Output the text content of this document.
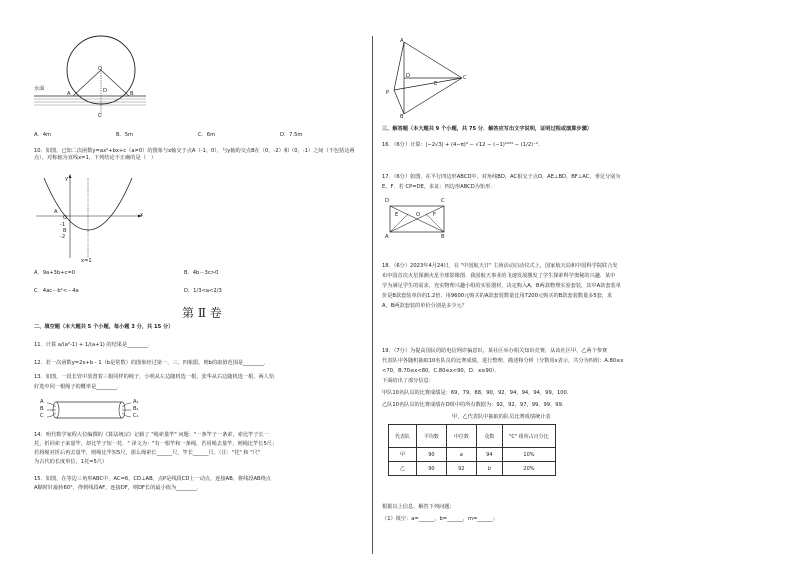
O
D
A	B
C
水面
A．4m	B．5m	C．6m	D．7.5m
10．如图，已知二次函数y=ax²+bx+c（a≠0）的图象与x轴交于点A（-1，0），与y轴的交点B在（0，-2）和（0，-1）之间（不包括这两点），对称轴为直线x=1，下列结论不正确的是（　）
y
x
O
A
B
-1
-2
x=1
A．9a+3b+c=0	B．4b－3c>0
C．4ac－b²<－4a	D．1/3<a<2/3
第 Ⅱ 卷
二、填空题（本大题共 5 个小题，每小题 3 分，共 15 分）
11．计算 a/(a²-1) + 1/(a+1) 的结果是________．
12．若一次函数y=2x+b - 1（b是常数）的图象经过第一、三、四象限，则b的取值范围是________．
13．如图，一段长管中放置着三根同样的绳子，小明从左边随机选一根，张华从右边随机选一根，两人恰
好选中同一根绳子的概率是________．
A
B
C
A₁
B₁
C₁
14．明代数学家程大位编撰的《算法统宗》记载了 "绳索量竿" 问题："一条竿子一条索，索比竿子长一
托，折回索子来量竿，却比竿子短一托．" 译文为："有一根竿和一条绳，若用绳去量竿，则绳比竿长5尺；
若将绳对折后再去量竿，则绳比竿短5尺，那么绳索长______尺，竿长______尺．（注："托" 和 "尺"
为古代的长度单位，1托=5尺）
15．如图，在等边三角形ABC中，AC=6，CD⊥AB，点P是线段CD上一动点，连接AB，将线段AB绕点
A顺时针旋转60°，得到线段AF，连接DF，则DF长的最小值为________．
A
D	C
E
P
B
三、解答题（本大题共 9 个小题，共 75 分．解答应写出文字说明，证明过程或演算步骤）
16．（6分）计算：|−2√3| + (4−π)⁰ − √12 − (−1)²⁰²³ − (1/2)⁻².
17．（6分）如图，在平行四边形ABCD中，对角线BD，AC相交于点O，AE⊥BD，BF⊥AC，垂足分别为
E，F．若 CP=DE，求证：四边形ABCD为矩形．
D	C
A	B
E	F
O
18．（6分）2023年4月24日，在 "中国航天日" 主场活动启动仪式上，国家航天局和中国科学院联合发
布中国首次火星探测火星全球影像图．我国航天事业的飞速发展激发了学生探索科学奥秘的兴趣．某中
学为满足学生的需求，充实物理兴趣小组的实验器材，决定购入A，B两款物理实验套装，其中A款套装单
价是B款套装单价的1.2倍，用9600元购买的A款套装数量比用7200元购买的B款套装数量多5套，求
A，B两款套装的单价分别是多少元？
19．（7分）为提高国民的防电信网诈骗意识，某社区举办相关知识竞赛，从该社区甲、乙两个参赛
代表队中各随机抽取10名队员的比赛成绩，进行整理、描述和分析（分数用x表示，共分为四组：A.80≤x
<70，B.70≤x<80，C.80≤x<90，D．x≥90）．
下面给出了部分信息：
甲队10名队员的比赛成绩是：69，79，88，90，92，94，94，94，99，100．
乙队10名队员的比赛成绩在D组中的所有数据为：92，92，97，99，99，99．
甲、乙代表队中抽取的队员比赛成绩统计表
代表队	平均数	中位数	众数	"C" 组所占百分比
甲	90	a	94	10%
乙	90	92	b	20%
根据以上信息，解答下列问题：
（1）填空：a=______，b=______，m=______；
